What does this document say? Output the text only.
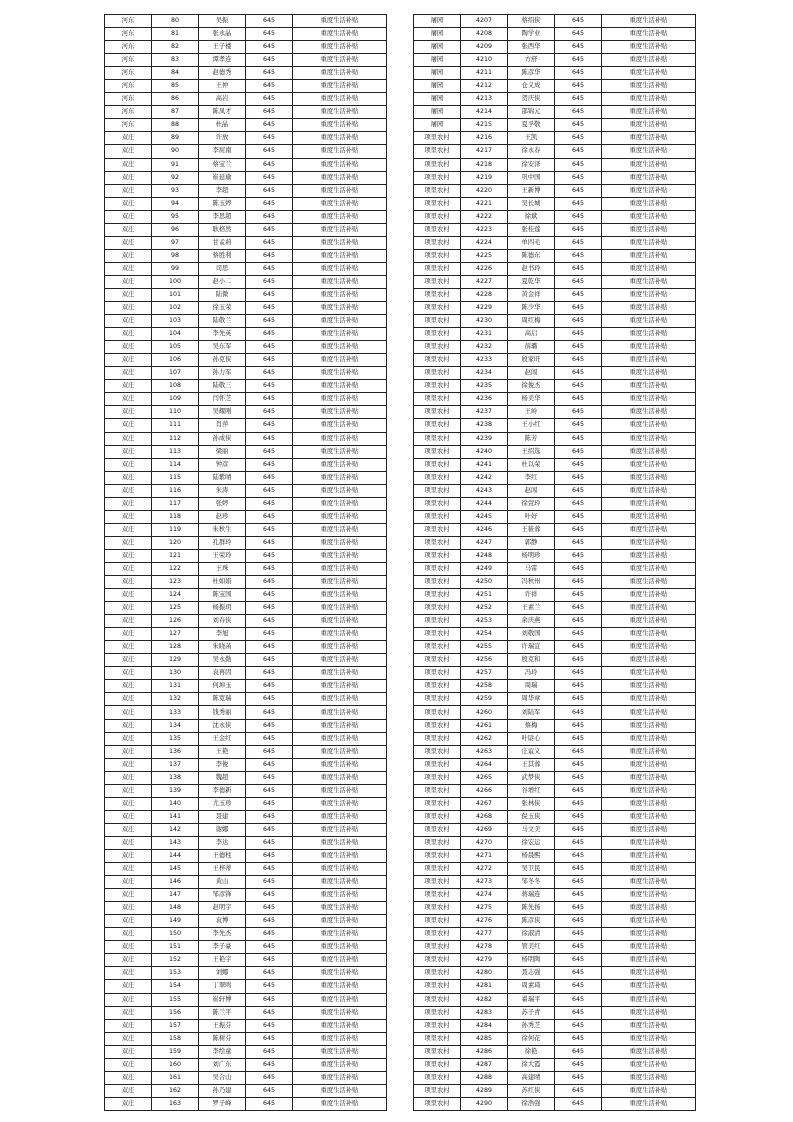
河东	80	吴振	645	重度生活补贴
河东	81	张永晶	645	重度生活补贴
河东	82	王子楼	645	重度生活补贴
河东	83	谭孝连	645	重度生活补贴
河东	84	赵德秀	645	重度生活补贴
河东	85	王仲	645	重度生活补贴
河东	86	高岩	645	重度生活补贴
河东	87	陈凤才	645	重度生活补贴
河东	88	杜晶	645	重度生活补贴
双庄	89	许放	645	重度生活补贴
双庄	90	李屁南	645	重度生活补贴
双庄	91	蔡宝兰	645	重度生活补贴
双庄	92	崔延瑜	645	重度生活补贴
双庄	93	李超	645	重度生活补贴
双庄	94	陈玉婷	645	重度生活补贴
双庄	95	李思超	645	重度生活补贴
双庄	96	耿格然	645	重度生活补贴
双庄	97	甘孟莉	645	重度生活补贴
双庄	98	蔡胜利	645	重度生活补贴
双庄	99	司思	645	重度生活补贴
双庄	100	赵小二	645	重度生活补贴
双庄	101	陆微	645	重度生活补贴
双庄	102	徐玉荣	645	重度生活补贴
双庄	103	陆敬兰	645	重度生活补贴
双庄	104	李先英	645	重度生活补贴
双庄	105	吴东军	645	重度生活补贴
双庄	106	孙克侠	645	重度生活补贴
双庄	107	孙力军	645	重度生活补贴
双庄	108	陆敬三	645	重度生活补贴
双庄	109	闫怀芝	645	重度生活补贴
双庄	110	吴耀刚	645	重度生活补贴
双庄	111	肖萍	645	重度生活补贴
双庄	112	孙成侠	645	重度生活补贴
双庄	113	梁丽	645	重度生活补贴
双庄	114	钟彦	645	重度生活补贴
双庄	115	陆紫晴	645	重度生活补贴
双庄	116	朱涛	645	重度生活补贴
双庄	117	张婷	645	重度生活补贴
双庄	118	赵珍	645	重度生活补贴
双庄	119	朱秋生	645	重度生活补贴
双庄	120	孔群玲	645	重度生活补贴
双庄	121	王荣玲	645	重度生活补贴
双庄	122	王珠	645	重度生活补贴
双庄	123	杜如娟	645	重度生活补贴
双庄	124	陈宝国	645	重度生活补贴
双庄	125	杨振玥	645	重度生活补贴
双庄	126	刘春侠	645	重度生活补贴
双庄	127	李旭	645	重度生活补贴
双庄	128	朱晓菡	645	重度生活补贴
双庄	129	吴永勤	645	重度生活补贴
双庄	130	袁再因	645	重度生活补贴
双庄	131	何坤玉	645	重度生活补贴
双庄	132	陈宽瑞	645	重度生活补贴
双庄	133	钱秀丽	645	重度生活补贴
双庄	134	沈永侠	645	重度生活补贴
双庄	135	王金红	645	重度生活补贴
双庄	136	王艳	645	重度生活补贴
双庄	137	李俊	645	重度生活补贴
双庄	138	魏超	645	重度生活补贴
双庄	139	李德新	645	重度生活补贴
双庄	140	尤玉珍	645	重度生活补贴
双庄	141	聂建	645	重度生活补贴
双庄	142	谢娜	645	重度生活补贴
双庄	143	李达	645	重度生活补贴
双庄	144	王德柱	645	重度生活补贴
双庄	145	王梓蒂	645	重度生活补贴
双庄	146	黄山	645	重度生活补贴
双庄	147	邹彦锋	645	重度生活补贴
双庄	148	赵明宇	645	重度生活补贴
双庄	149	袁博	645	重度生活补贴
双庄	150	李先杰	645	重度生活补贴
双庄	151	李子豪	645	重度生活补贴
双庄	152	王艳宇	645	重度生活补贴
双庄	153	刘娜	645	重度生活补贴
双庄	154	丁翠鸣	645	重度生活补贴
双庄	155	崔轩博	645	重度生活补贴
双庄	156	陈兰平	645	重度生活补贴
双庄	157	王振芬	645	重度生活补贴
双庄	158	陈树芬	645	重度生活补贴
双庄	159	李绘童	645	重度生活补贴
双庄	160	刘广东	645	重度生活补贴
双庄	161	吴合山	645	重度生活补贴
双庄	162	孙乃建	645	重度生活补贴
双庄	163	罗子峰	645	重度生活补贴
屠园	4207	蔡绍侠	645	重度生活补贴
屠园	4208	陶学业	645	重度生活补贴
屠园	4209	张西华	645	重度生活补贴
屠园	4210	方舒	645	重度生活补贴
屠园	4211	陈彦华	645	重度生活补贴
屠园	4212	仓义成	645	重度生活补贴
屠园	4213	贺庆侠	645	重度生活补贴
屠园	4214	邵锦元	645	重度生活补贴
屠园	4215	夏孚敬	645	重度生活补贴
项里农村	4216	王凯	645	重度生活补贴
项里农村	4217	徐永春	645	重度生活补贴
项里农村	4218	徐安泽	645	重度生活补贴
项里农村	4219	巩中国	645	重度生活补贴
项里农村	4220	王新博	645	重度生活补贴
项里农村	4221	吴长城	645	重度生活补贴
项里农村	4222	徐斌	645	重度生活补贴
项里农村	4223	张桂莲	645	重度生活补贴
项里农村	4224	单四毛	645	重度生活补贴
项里农村	4225	陈德东	645	重度生活补贴
项里农村	4226	赵书玲	645	重度生活补贴
项里农村	4227	夏乾华	645	重度生活补贴
项里农村	4228	黄金祥	645	重度生活补贴
项里农村	4229	陈少华	645	重度生活补贴
项里农村	4230	周红梅	645	重度生活补贴
项里农村	4231	高启	645	重度生活补贴
项里农村	4232	薛璐	645	重度生活补贴
项里农村	4233	殷家旺	645	重度生活补贴
项里农村	4234	赵闯	645	重度生活补贴
项里农村	4235	徐俊杰	645	重度生活补贴
项里农村	4236	杨美华	645	重度生活补贴
项里农村	4237	王岭	645	重度生活补贴
项里农村	4238	王小红	645	重度生活补贴
项里农村	4239	陈芳	645	重度生活补贴
项里农村	4240	王绍选	645	重度生活补贴
项里农村	4241	杜以荣	645	重度生活补贴
项里农村	4242	李红	645	重度生活补贴
项里农村	4243	赵闯	645	重度生活补贴
项里农村	4244	徐萱玲	645	重度生活补贴
项里农村	4245	叶好	645	重度生活补贴
项里农村	4246	王筱蓉	645	重度生活补贴
项里农村	4247	郭静	645	重度生活补贴
项里农村	4248	杨明珍	645	重度生活补贴
项里农村	4249	马雷	645	重度生活补贴
项里农村	4250	冯秋州	645	重度生活补贴
项里农村	4251	许祥	645	重度生活补贴
项里农村	4252	王素兰	645	重度生活补贴
项里农村	4253	余庆燕	645	重度生活补贴
项里农村	4254	刘敬国	645	重度生活补贴
项里农村	4255	许瑞宜	645	重度生活补贴
项里农村	4256	殷克和	645	重度生活补贴
项里农村	4257	冯玲	645	重度生活补贴
项里农村	4258	周瑞	645	重度生活补贴
项里农村	4259	周华章	645	重度生活补贴
项里农村	4260	刘陆军	645	重度生活补贴
项里农村	4261	蔡梅	645	重度生活补贴
项里农村	4262	叶尉心	645	重度生活补贴
项里农村	4263	庄谊义	645	重度生活补贴
项里农村	4264	王其蓉	645	重度生活补贴
项里农村	4265	武梦侠	645	重度生活补贴
项里农村	4266	谷增红	645	重度生活补贴
项里农村	4267	张林侠	645	重度生活补贴
项里农村	4268	倪玉侠	645	重度生活补贴
项里农村	4269	马文美	645	重度生活补贴
项里农村	4270	徐宏运	645	重度生活补贴
项里农村	4271	杨晨熙	645	重度生活补贴
项里农村	4272	吴卫民	645	重度生活补贴
项里农村	4273	邹冬冬	645	重度生活补贴
项里农村	4274	蒋瑞连	645	重度生活补贴
项里农村	4275	陈先扬	645	重度生活补贴
项里农村	4276	陈彦侠	645	重度生活补贴
项里农村	4277	徐淑清	645	重度生活补贴
项里农村	4278	管美红	645	重度生活补贴
项里农村	4279	杨明陶	645	重度生活补贴
项里农村	4280	聂志强	645	重度生活补贴
项里农村	4281	周素琦	645	重度生活补贴
项里农村	4282	翟瑞平	645	重度生活补贴
项里农村	4283	苏子青	645	重度生活补贴
项里农村	4284	孙秀芝	645	重度生活补贴
项里农村	4285	徐何花	645	重度生活补贴
项里农村	4286	徐艳	645	重度生活补贴
项里农村	4287	徐大霞	645	重度生活补贴
项里农村	4288	高建晴	645	重度生活补贴
项里农村	4289	苏红侠	645	重度生活补贴
项里农村	4290	徐浩强	645	重度生活补贴
